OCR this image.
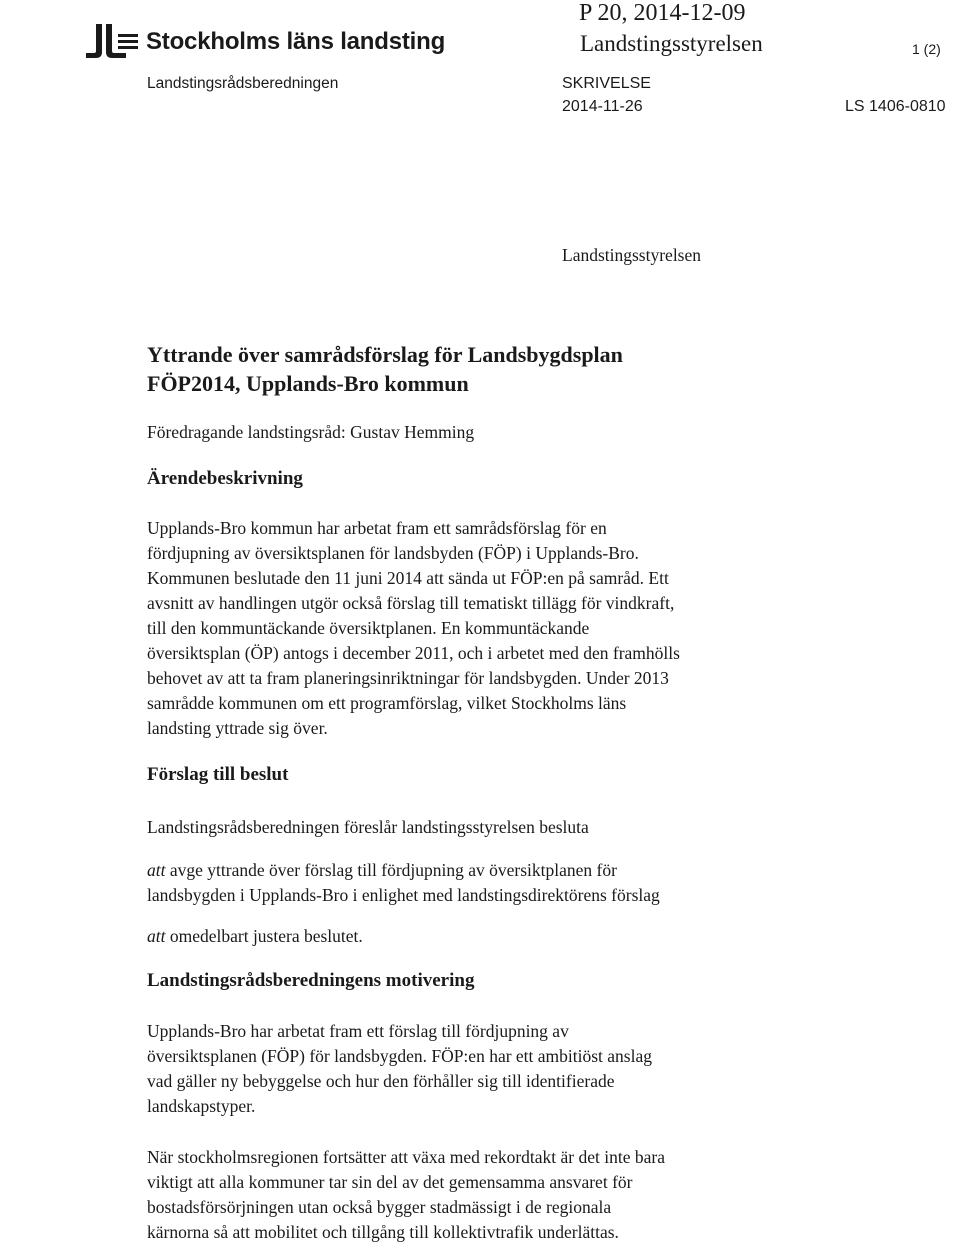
Stockholms läns landsting
Landstingsrådsberedningen
P 20, 2014-12-09
Landstingsstyrelsen	1 (2)
SKRIVELSE
2014-11-26	LS 1406-0810
Landstingsstyrelsen
Yttrande över samrådsförslag för Landsbygdsplan
FÖP2014, Upplands-Bro kommun
Föredragande landstingsråd: Gustav Hemming
Ärendebeskrivning
Upplands-Bro kommun har arbetat fram ett samrådsförslag för en
fördjupning av översiktsplanen för landsbyden (FÖP) i Upplands-Bro.
Kommunen beslutade den 11 juni 2014 att sända ut FÖP:en på samråd. Ett
avsnitt av handlingen utgör också förslag till tematiskt tillägg för vindkraft,
till den kommuntäckande översiktplanen. En kommuntäckande
översiktsplan (ÖP) antogs i december 2011, och i arbetet med den framhölls
behovet av att ta fram planeringsinriktningar för landsbygden. Under 2013
samrådde kommunen om ett programförslag, vilket Stockholms läns
landsting yttrade sig över.
Förslag till beslut
Landstingsrådsberedningen föreslår landstingsstyrelsen besluta
att avge yttrande över förslag till fördjupning av översiktplanen för
landsbygden i Upplands-Bro i enlighet med landstingsdirektörens förslag
att omedelbart justera beslutet.
Landstingsrådsberedningens motivering
Upplands-Bro har arbetat fram ett förslag till fördjupning av
översiktsplanen (FÖP) för landsbygden. FÖP:en har ett ambitiöst anslag
vad gäller ny bebyggelse och hur den förhåller sig till identifierade
landskapstyper.
När stockholmsregionen fortsätter att växa med rekordtakt är det inte bara
viktigt att alla kommuner tar sin del av det gemensamma ansvaret för
bostadsförsörjningen utan också bygger stadmässigt i de regionala
kärnorna så att mobilitet och tillgång till kollektivtrafik underlättas.
